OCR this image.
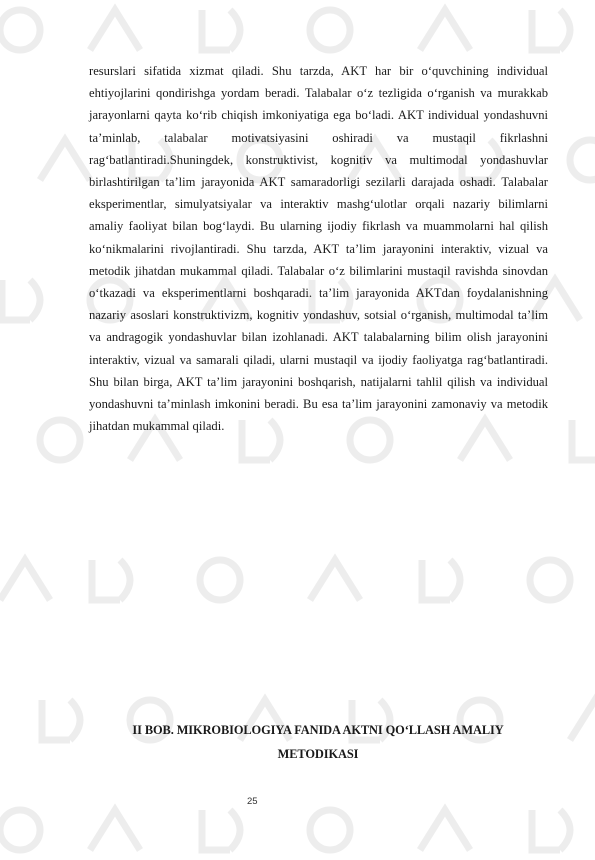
resurslari sifatida xizmat qiladi. Shu tarzda, AKT har bir o‘quvchining individual ehtiyojlarini qondirishga yordam beradi. Talabalar o‘z tezligida o‘rganish va murakkab jarayonlarni qayta ko‘rib chiqish imkoniyatiga ega bo‘ladi. AKT individual yondashuvni ta’minlab, talabalar motivatsiyasini oshiradi va mustaqil fikrlashni rag‘batlantiradi.Shuningdek, konstruktivist, kognitiv va multimodal yondashuvlar birlashtirilgan ta’lim jarayonida AKT samaradorligi sezilarli darajada oshadi. Talabalar eksperimentlar, simulyatsiyalar va interaktiv mashg‘ulotlar orqali nazariy bilimlarni amaliy faoliyat bilan bog‘laydi. Bu ularning ijodiy fikrlash va muammolarni hal qilish ko‘nikmalarini rivojlantiradi. Shu tarzda, AKT ta’lim jarayonini interaktiv, vizual va metodik jihatdan mukammal qiladi. Talabalar o‘z bilimlarini mustaqil ravishda sinovdan o‘tkazadi va eksperimentlarni boshqaradi. ta’lim jarayonida AKTdan foydalanishning nazariy asoslari konstruktivizm, kognitiv yondashuv, sotsial o‘rganish, multimodal ta’lim va andragogik yondashuvlar bilan izohlanadi. AKT talabalarning bilim olish jarayonini interaktiv, vizual va samarali qiladi, ularni mustaqil va ijodiy faoliyatga rag‘batlantiradi. Shu bilan birga, AKT ta’lim jarayonini boshqarish, natijalarni tahlil qilish va individual yondashuvni ta’minlash imkonini beradi. Bu esa ta’lim jarayonini zamonaviy va metodik jihatdan mukammal qiladi.

II BOB. MIKROBIOLOGIYA FANIDA AKTNI QO‘LLASH AMALIY METODIKASI
25
